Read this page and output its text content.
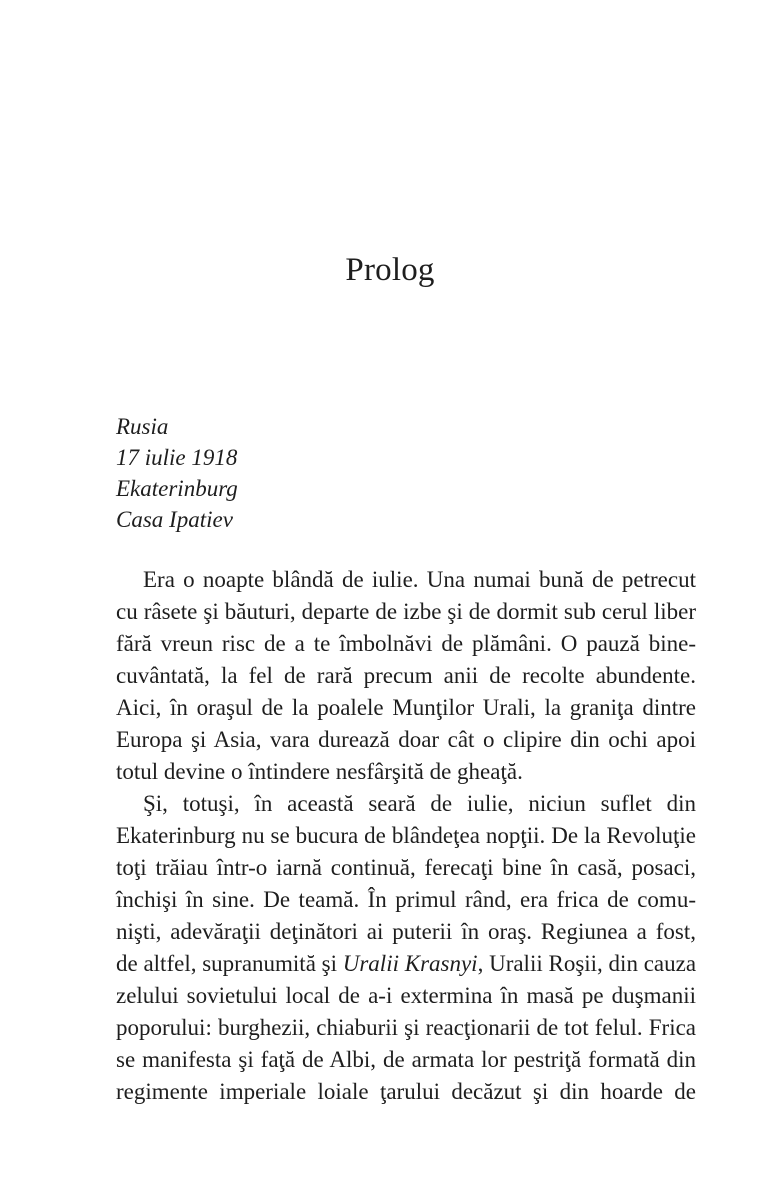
Prolog
Rusia
17 iulie 1918
Ekaterinburg
Casa Ipatiev
Era o noapte blândă de iulie. Una numai bună de petrecut
cu râsete şi băuturi, departe de izbe şi de dormit sub cerul liber
fără vreun risc de a te îmbolnăvi de plămâni. O pauză bine-
cuvântată, la fel de rară precum anii de recolte abundente.
Aici, în oraşul de la poalele Munţilor Urali, la graniţa dintre
Europa şi Asia, vara durează doar cât o clipire din ochi apoi
totul devine o întindere nesfârşită de gheaţă.
Şi, totuşi, în această seară de iulie, niciun suflet din
Ekaterinburg nu se bucura de blândeţea nopţii. De la Revoluţie
toţi trăiau într-o iarnă continuă, ferecaţi bine în casă, posaci,
închişi în sine. De teamă. În primul rând, era frica de comu-
nişti, adevăraţii deţinători ai puterii în oraş. Regiunea a fost,
de altfel, supranumită şi Uralii Krasnyi, Uralii Roşii, din cauza
zelului sovietului local de a-i extermina în masă pe duşmanii
poporului: burghezii, chiaburii şi reacţionarii de tot felul. Frica
se manifesta şi faţă de Albi, de armata lor pestriţă formată din
regimente imperiale loiale ţarului decăzut şi din hoarde de
